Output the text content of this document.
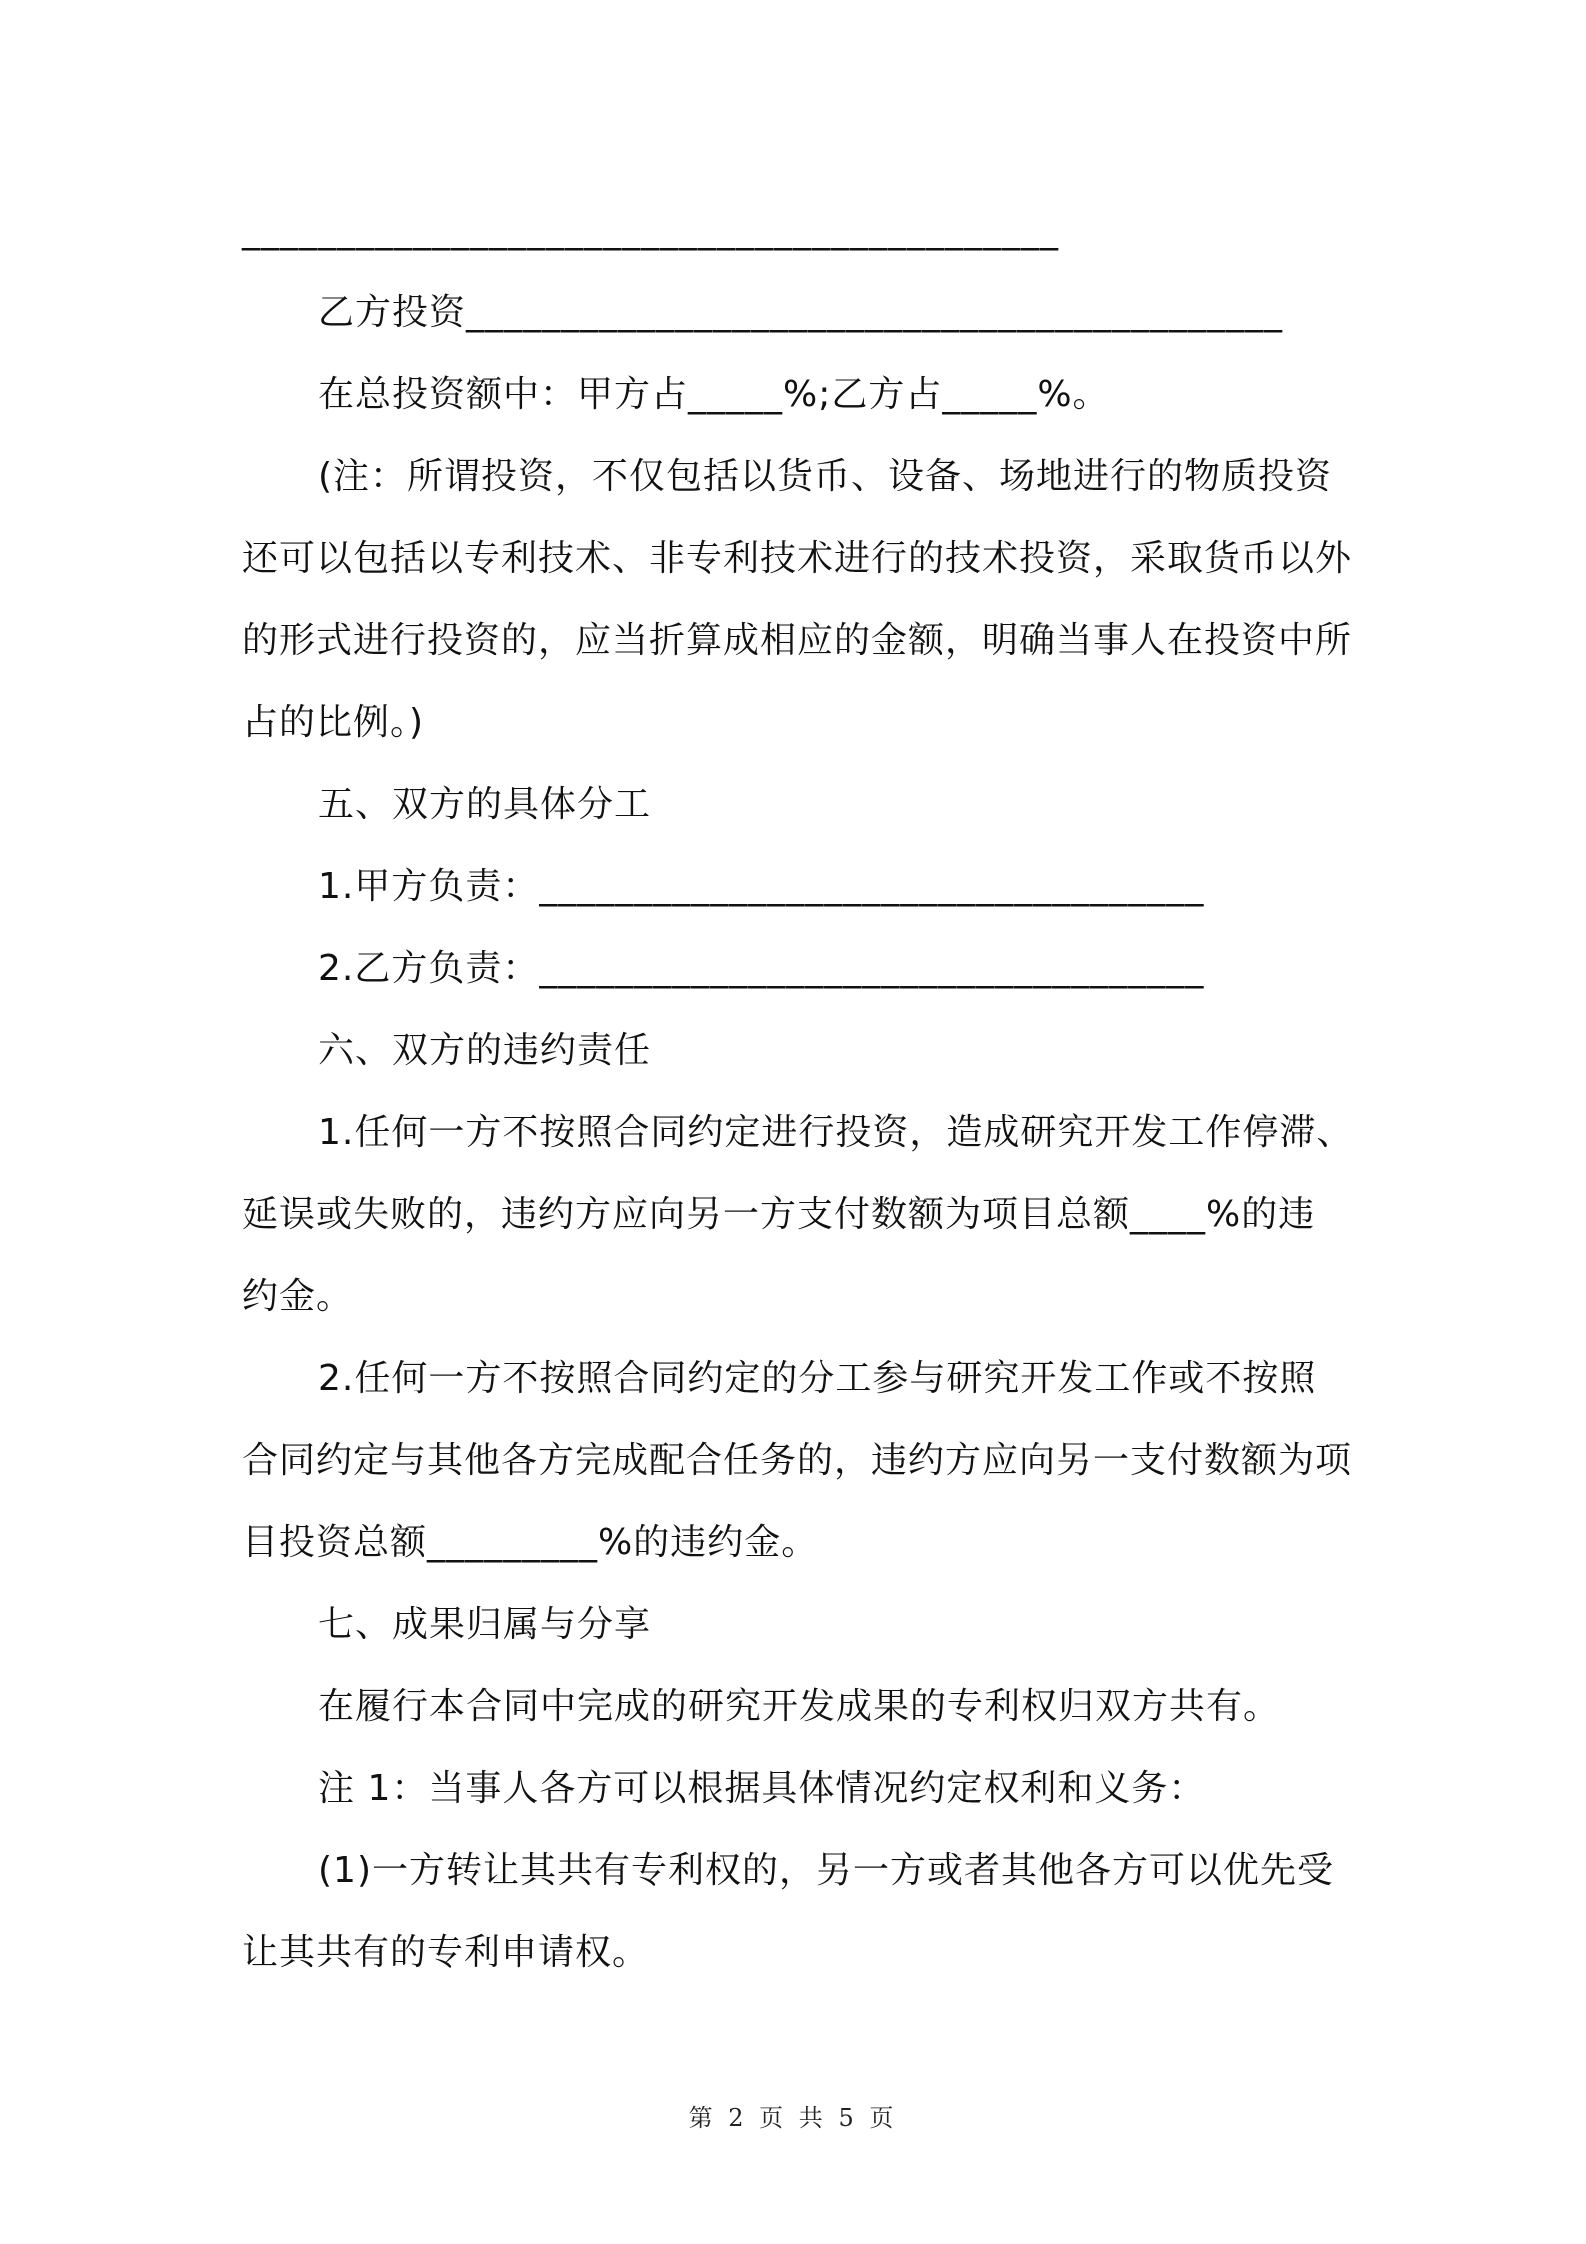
___________________________________________
乙方投资___________________________________________
在总投资额中：甲方占_____%;乙方占_____%。
(注：所谓投资，不仅包括以货币、设备、场地进行的物质投资
还可以包括以专利技术、非专利技术进行的技术投资，采取货币以外
的形式进行投资的，应当折算成相应的金额，明确当事人在投资中所
占的比例。)
五、双方的具体分工
1.甲方负责：___________________________________
2.乙方负责：___________________________________
六、双方的违约责任
1.任何一方不按照合同约定进行投资，造成研究开发工作停滞、
延误或失败的，违约方应向另一方支付数额为项目总额____%的违
约金。
2.任何一方不按照合同约定的分工参与研究开发工作或不按照
合同约定与其他各方完成配合任务的，违约方应向另一支付数额为项
目投资总额_________%的违约金。
七、成果归属与分享
在履行本合同中完成的研究开发成果的专利权归双方共有。
注 1：当事人各方可以根据具体情况约定权利和义务：
(1)一方转让其共有专利权的，另一方或者其他各方可以优先受
让其共有的专利申请权。
第 2 页 共 5 页
